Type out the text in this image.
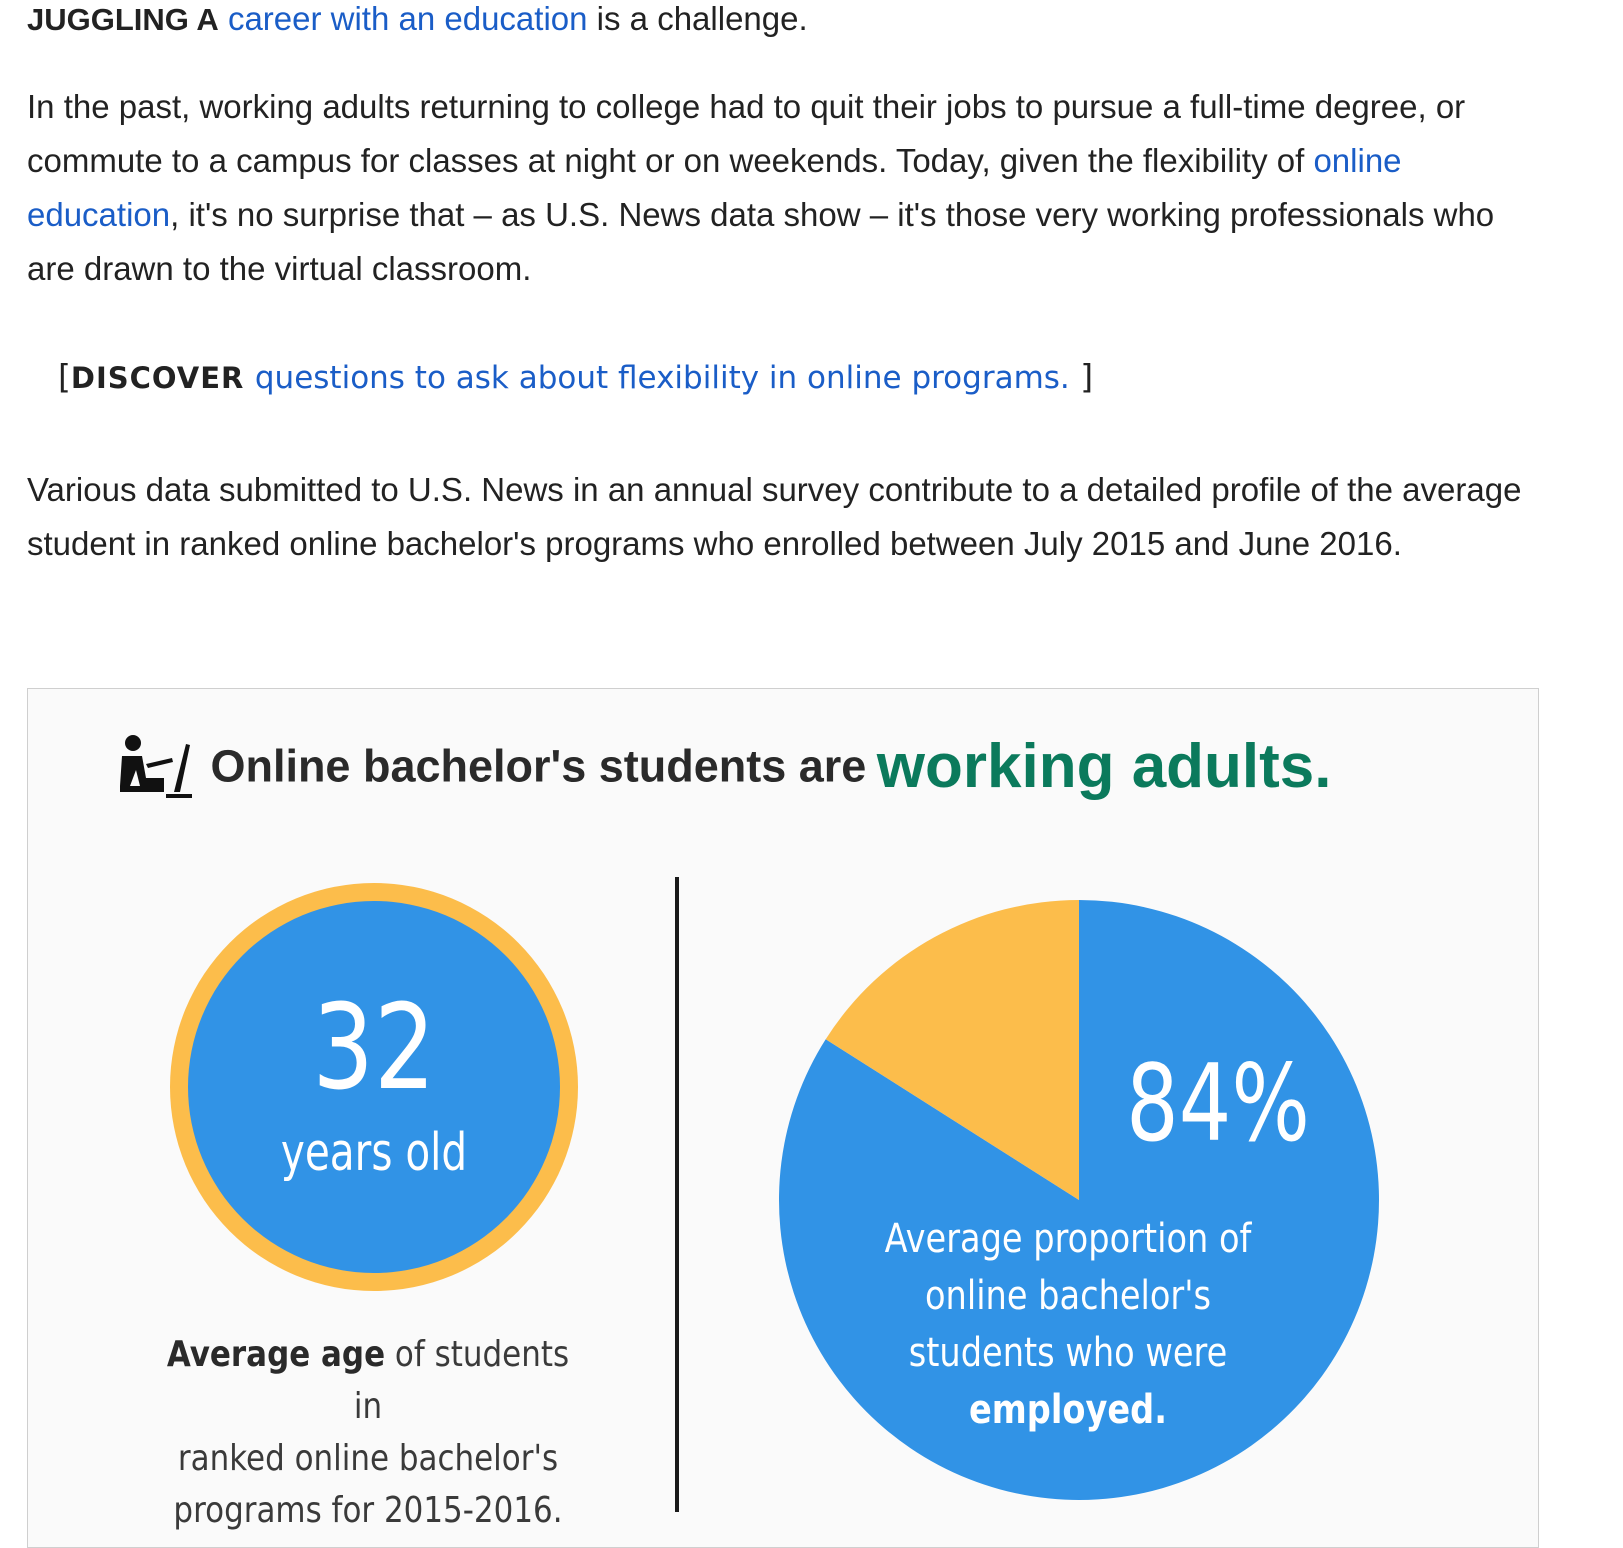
JUGGLING A career with an education is a challenge.

In the past, working adults returning to college had to quit their jobs to pursue a full-time degree, or commute to a campus for classes at night or on weekends. Today, given the flexibility of online education, it's no surprise that – as U.S. News data show – it's those very working professionals who are drawn to the virtual classroom.

[DISCOVER questions to ask about flexibility in online programs. ]

Various data submitted to U.S. News in an annual survey contribute to a detailed profile of the average student in ranked online bachelor's programs who enrolled between July 2015 and June 2016.

Online bachelor's students are working adults.
32
years old
Average age of students in
ranked online bachelor's
programs for 2015-2016.
84%
Average proportion of
online bachelor's
students who were
employed.
